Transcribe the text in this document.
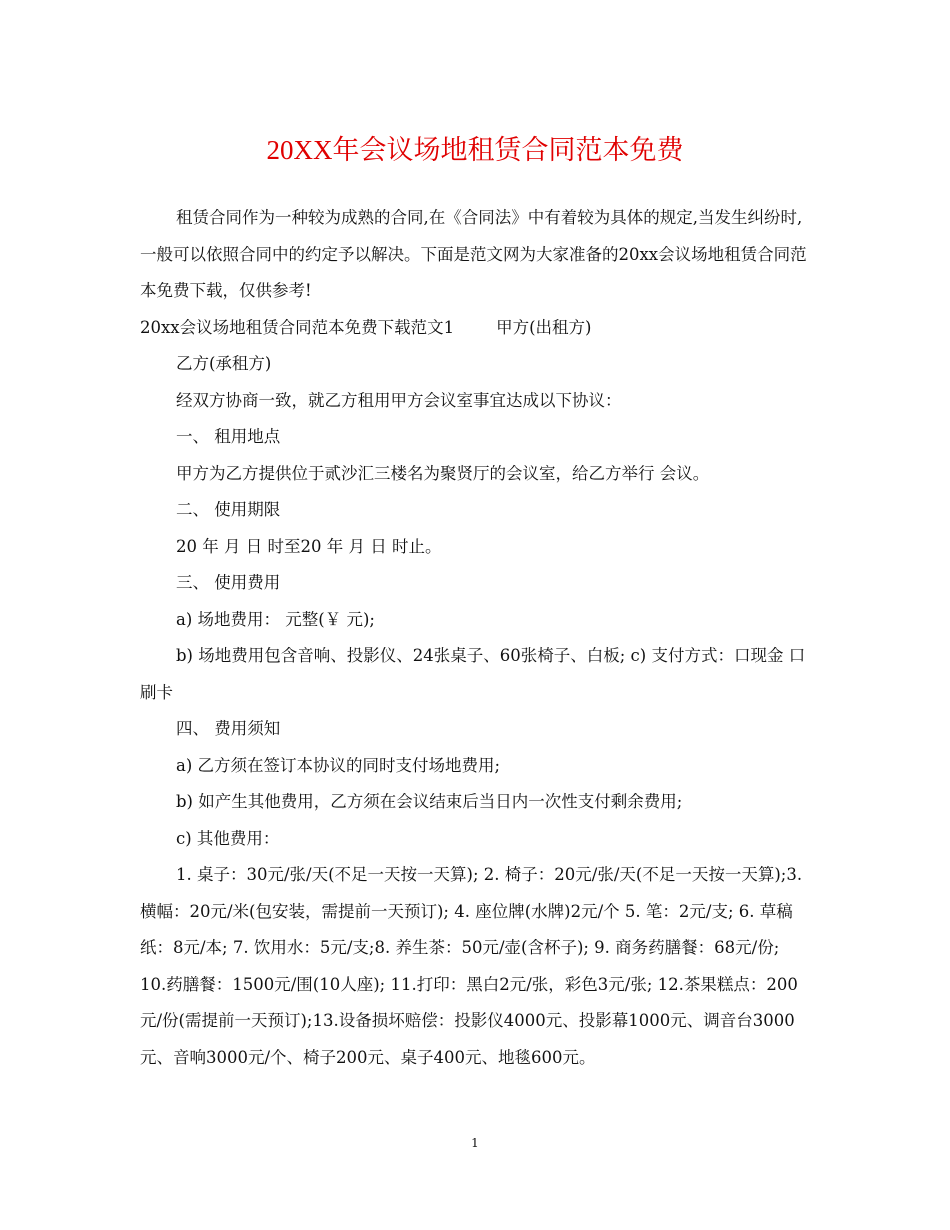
20XX年会议场地租赁合同范本免费

租赁合同作为一种较为成熟的合同,在《合同法》中有着较为具体的规定,当发生纠纷时,一般可以依照合同中的约定予以解决。下面是范文网为大家准备的20xx会议场地租赁合同范本免费下载，仅供参考!

20xx会议场地租赁合同范本免费下载范文1	甲方(出租方)

乙方(承租方)

经双方协商一致，就乙方租用甲方会议室事宜达成以下协议：

一、 租用地点

甲方为乙方提供位于贰沙汇三楼名为聚贤厅的会议室，给乙方举行 会议。

二、 使用期限

20 年 月 日 时至20 年 月 日 时止。

三、 使用费用

a) 场地费用： 元整(￥ 元);

b) 场地费用包含音响、投影仪、24张桌子、60张椅子、白板; c) 支付方式：口现金 口刷卡

四、 费用须知

a) 乙方须在签订本协议的同时支付场地费用;

b) 如产生其他费用，乙方须在会议结束后当日内一次性支付剩余费用;

c) 其他费用：

1. 桌子：30元/张/天(不足一天按一天算); 2. 椅子：20元/张/天(不足一天按一天算);3. 横幅：20元/米(包安装，需提前一天预订); 4. 座位牌(水牌)2元/个 5. 笔：2元/支; 6. 草稿纸：8元/本; 7. 饮用水：5元/支;8. 养生茶：50元/壶(含杯子); 9. 商务药膳餐：68元/份; 10.药膳餐：1500元/围(10人座); 11.打印：黑白2元/张，彩色3元/张; 12.茶果糕点：200元/份(需提前一天预订);13.设备损坏赔偿：投影仪4000元、投影幕1000元、调音台3000元、音响3000元/个、椅子200元、桌子400元、地毯600元。

1
